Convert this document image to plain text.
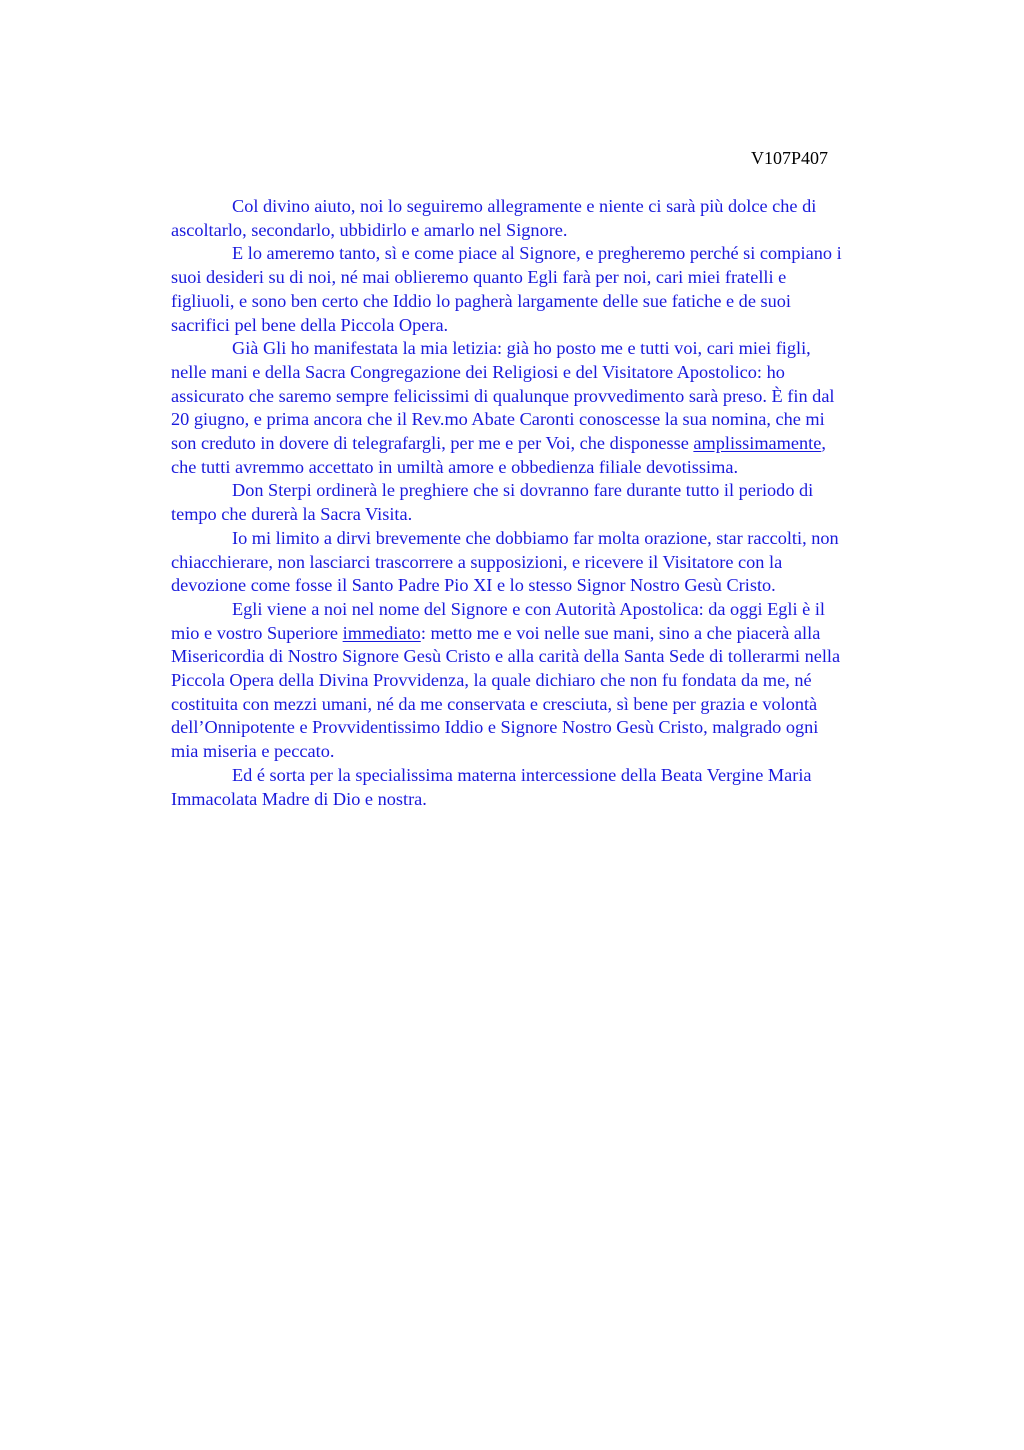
V107P407

Col divino aiuto, noi lo seguiremo allegramente e niente ci sarà più dolce che di
ascoltarlo, secondarlo, ubbidirlo e amarlo nel Signore.

E lo ameremo tanto, sì e come piace al Signore, e pregheremo perché si compiano i
suoi desideri su di noi, né mai oblieremo quanto Egli farà per noi, cari miei fratelli e
figliuoli, e sono ben certo che Iddio lo pagherà largamente delle sue fatiche e de suoi
sacrifici pel bene della Piccola Opera.

Già Gli ho manifestata la mia letizia: già ho posto me e tutti voi, cari miei figli,
nelle mani e della Sacra Congregazione dei Religiosi e del Visitatore Apostolico: ho
assicurato che saremo sempre felicissimi di qualunque provvedimento sarà preso. È fin dal
20 giugno, e prima ancora che il Rev.mo Abate Caronti conoscesse la sua nomina, che mi
son creduto in dovere di telegrafargli, per me e per Voi, che disponesse amplissimamente,
che tutti avremmo accettato in umiltà amore e obbedienza filiale devotissima.

Don Sterpi ordinerà le preghiere che si dovranno fare durante tutto il periodo di
tempo che durerà la Sacra Visita.

Io mi limito a dirvi brevemente che dobbiamo far molta orazione, star raccolti, non
chiacchierare, non lasciarci trascorrere a supposizioni, e ricevere il Visitatore con la
devozione come fosse il Santo Padre Pio XI e lo stesso Signor Nostro Gesù Cristo.

Egli viene a noi nel nome del Signore e con Autorità Apostolica: da oggi Egli è il
mio e vostro Superiore immediato: metto me e voi nelle sue mani, sino a che piacerà alla
Misericordia di Nostro Signore Gesù Cristo e alla carità della Santa Sede di tollerarmi nella
Piccola Opera della Divina Provvidenza, la quale dichiaro che non fu fondata da me, né
costituita con mezzi umani, né da me conservata e cresciuta, sì bene per grazia e volontà
dell’Onnipotente e Provvidentissimo Iddio e Signore Nostro Gesù Cristo, malgrado ogni
mia miseria e peccato.

Ed é sorta per la specialissima materna intercessione della Beata Vergine Maria
Immacolata Madre di Dio e nostra.
